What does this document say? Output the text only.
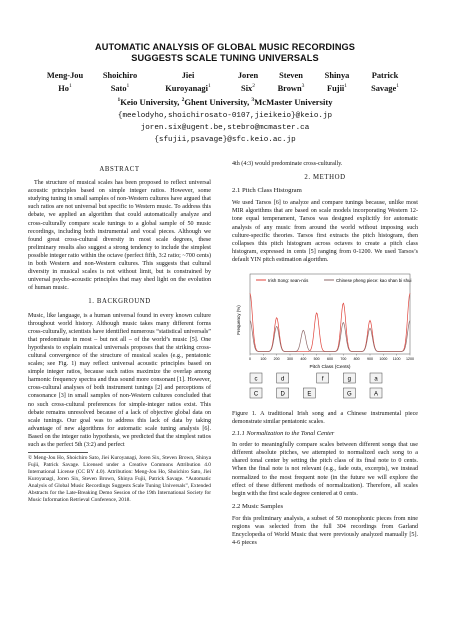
AUTOMATIC ANALYSIS OF GLOBAL MUSIC RECORDINGS
SUGGESTS SCALE TUNING UNIVERSALS
Meng-Jou
Ho$^1$
Shoichiro
Sato$^1$
Jiei
Kuroyanagi$^1$
Joren
Six$^2$
Steven
Brown$^3$
Shinya
Fujii$^1$
Patrick
Savage$^1$
$^1$Keio University, $^2$Ghent University, $^3$McMaster University
{meelodyho,shoichirosato-0107,jieikeio}@keio.jp
joren.six@ugent.be,stebro@mcmaster.ca
{sfujii,psavage}@sfc.keio.ac.jp
ABSTRACT

The structure of musical scales has been proposed to reflect universal acoustic principles based on simple integer ratios. However, some studying tuning in small samples of non-Western cultures have argued that such ratios are not universal but specific to Western music. To address this debate, we applied an algorithm that could automatically analyze and cross-culturally compare scale tunings to a global sample of 50 music recordings, including both instrumental and vocal pieces. Although we found great cross-cultural diversity in most scale degrees, these preliminary results also suggest a strong tendency to include the simplest possible integer ratio within the octave (perfect fifth, 3:2 ratio; ~700 cents) in both Western and non-Western cultures. This suggests that cultural diversity in musical scales is not without limit, but is constrained by universal psycho-acoustic principles that may shed light on the evolution of human music.

1. BACKGROUND

Music, like language, is a human universal found in every known culture throughout world history. Although music takes many different forms cross-culturally, scientists have identified numerous “statistical universals” that predominate in most – but not all – of the world’s music [5]. One hypothesis to explain musical universals proposes that the striking cross-cultural convergence of the structure of musical scales (e.g., pentatonic scales; see Fig. 1) may reflect universal acoustic principles based on simple integer ratios, because such ratios maximize the overlap among harmonic frequency spectra and thus sound more consonant [1]. However, cross-cultural analyses of both instrument tunings [2] and perceptions of consonance [3] in small samples of non-Western cultures concluded that no such cross-cultural preferences for simple-integer ratios exist. This debate remains unresolved because of a lack of objective global data on scale tunings. Our goal was to address this lack of data by taking advantage of new algorithms for automatic scale tuning analysis [6]. Based on the integer ratio hypothesis, we predicted that the simplest ratios such as the perfect 5th (3:2) and perfect

© Meng-Jou Ho, Shoichiro Sato, Jiei Kuroyanagi, Joren Six, Steven Brown, Shinya Fujii, Patrick Savage. Licensed under a Creative Commons Attribution 4.0 International License (CC BY 4.0). Attribution: Meng-Jou Ho, Shoichiro Sato, Jiei Kuroyanagi, Joren Six, Steven Brown, Shinya Fujii, Patrick Savage. “Automatic Analysis of Global Music Recordings Suggests Scale Tuning Universals”, Extended Abstracts for the Late-Breaking Demo Session of the 19th International Society for Music Information Retrieval Conference, 2018.

4th (4:3) would predominate cross-culturally.

2. METHOD
2.1 Pitch Class Histogram

We used Tarsos [6] to analyze and compare tunings because, unlike most MIR algorithms that are based on scale models incorporating Western 12-tone equal temperament, Tarsos was designed explicitly for automatic analysis of any music from around the world without imposing such culture-specific theories. Tarsos first extracts the pitch histogram, then collapses this pitch histogram across octaves to create a pitch class histogram, expressed in cents [5] ranging from 0-1200. We used Tarsos’s default YIN pitch estimation algorithm.

Irish Song: sean-nós	Chinese pheng piece: kao shan bi shui
0	100 200 300 400 500 600 700 800 900 1000 1100 1200
Frequency (%)
Pitch Class (Cents)
c	d	f	g	a
C	D	E	G	A
Figure 1. A traditional Irish song and a Chinese instrumental piece demonstrate similar pentatonic scales.
2.1.1 Normalization to the Tonal Center

In order to meaningfully compare scales between different songs that use different absolute pitches, we attempted to normalized each song to a shared tonal center by setting the pitch class of its final note to 0 cents. When the final note is not relevant (e.g., fade outs, excerpts), we instead normalized to the most frequent note (in the future we will explore the effect of these different methods of normalization). Therefore, all scales begin with the first scale degree centered at 0 cents.

2.2 Music Samples

For this preliminary analysis, a subset of 50 monophonic pieces from nine regions was selected from the full 304 recordings from Garland Encyclopedia of World Music that were previously analyzed manually [5]. 4-6 pieces
